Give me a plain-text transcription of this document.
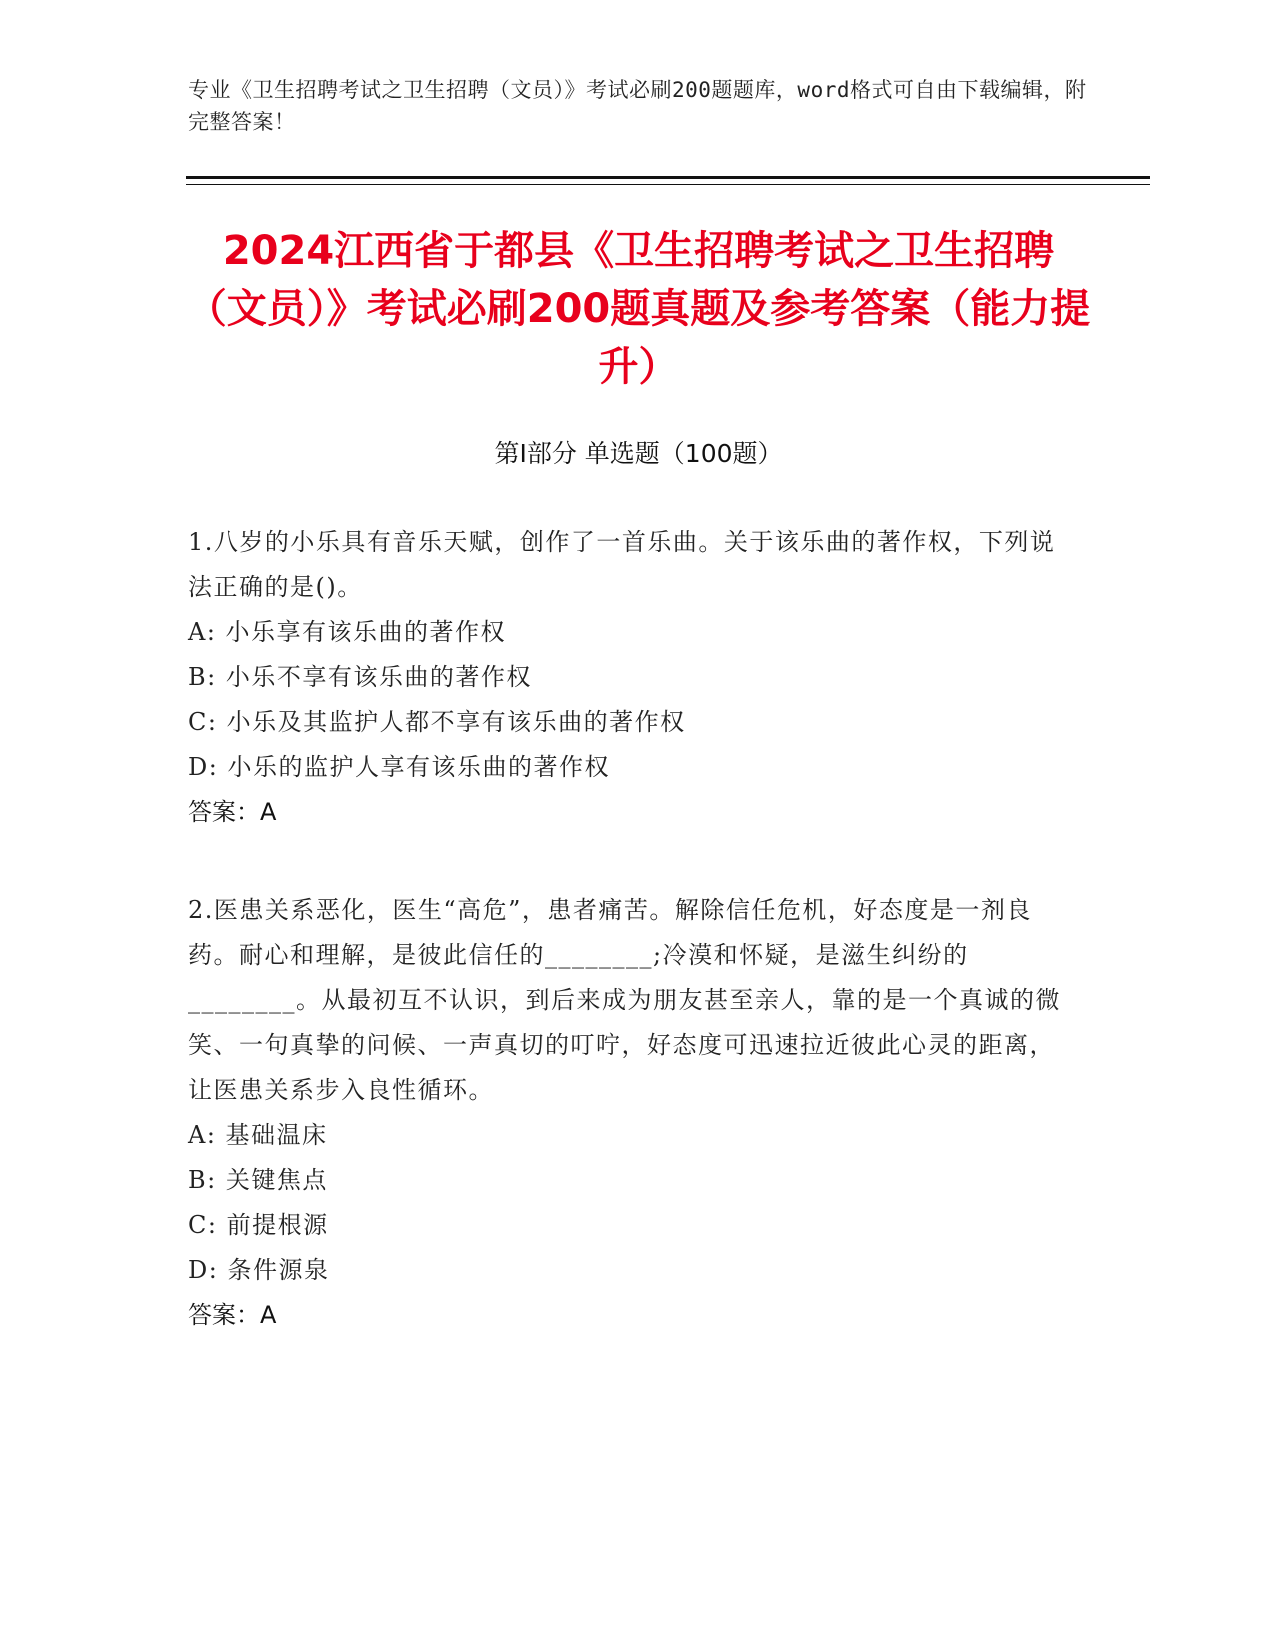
专业《卫生招聘考试之卫生招聘（文员）》考试必刷200题题库，word格式可自由下载编辑，附完整答案！
2024江西省于都县《卫生招聘考试之卫生招聘（文员）》考试必刷200题真题及参考答案（能力提升）
第I部分 单选题（100题）

1.八岁的小乐具有音乐天赋，创作了一首乐曲。关于该乐曲的著作权，下列说法正确的是()。

A: 小乐享有该乐曲的著作权

B: 小乐不享有该乐曲的著作权

C: 小乐及其监护人都不享有该乐曲的著作权

D: 小乐的监护人享有该乐曲的著作权

答案：A

2.医患关系恶化，医生“高危”，患者痛苦。解除信任危机，好态度是一剂良药。耐心和理解，是彼此信任的________;冷漠和怀疑，是滋生纠纷的________。从最初互不认识，到后来成为朋友甚至亲人，靠的是一个真诚的微笑、一句真挚的问候、一声真切的叮咛，好态度可迅速拉近彼此心灵的距离，让医患关系步入良性循环。

A: 基础温床

B: 关键焦点

C: 前提根源

D: 条件源泉

答案：A
